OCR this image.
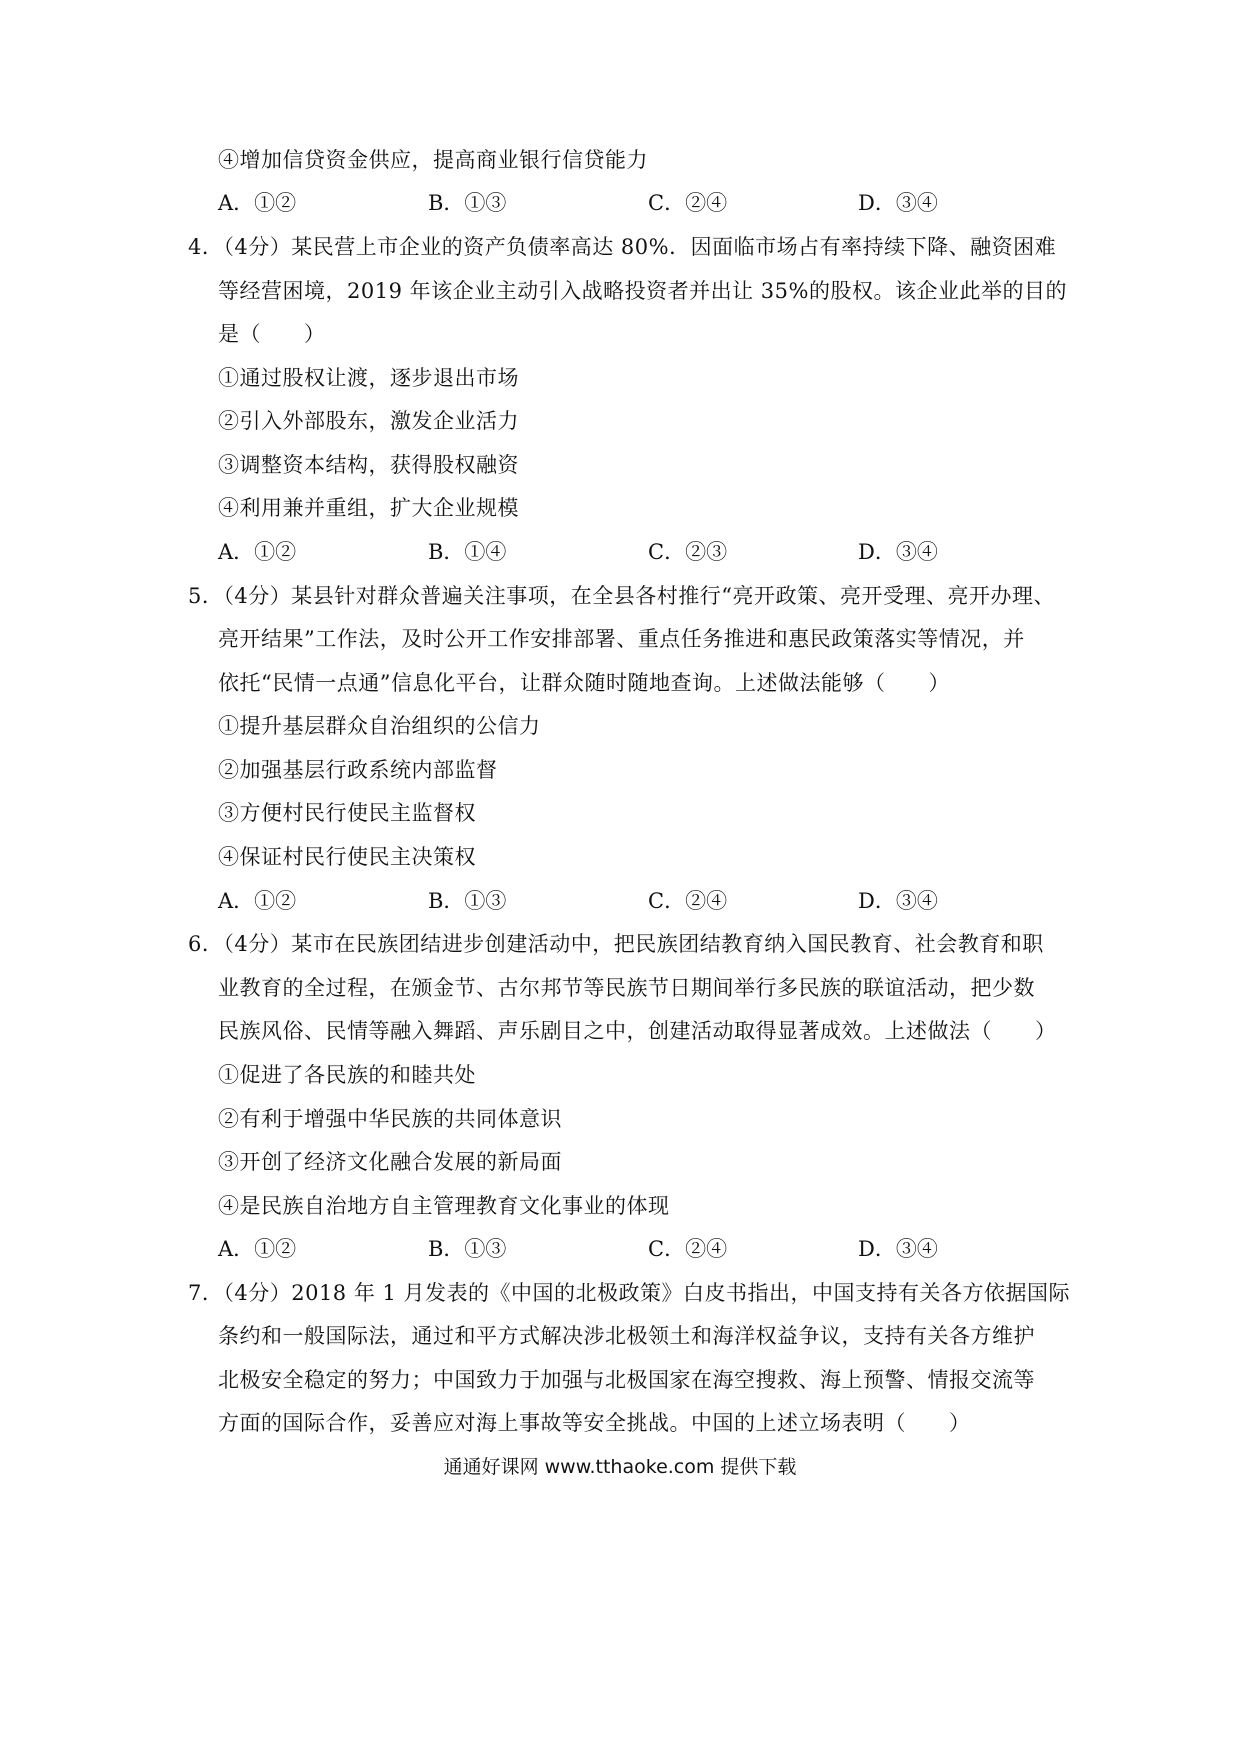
④增加信贷资金供应，提高商业银行信贷能力
A．①②	B．①③	C．②④	D．③④
4．（4分）某民营上市企业的资产负债率高达 80%．因面临市场占有率持续下降、融资困难
等经营困境，2019 年该企业主动引入战略投资者并出让 35%的股权。该企业此举的目的
是（　　）
①通过股权让渡，逐步退出市场
②引入外部股东，激发企业活力
③调整资本结构，获得股权融资
④利用兼并重组，扩大企业规模
A．①②	B．①④	C．②③	D．③④
5．（4分）某县针对群众普遍关注事项，在全县各村推行“亮开政策、亮开受理、亮开办理、
亮开结果”工作法，及时公开工作安排部署、重点任务推进和惠民政策落实等情况，并
依托“民情一点通”信息化平台，让群众随时随地查询。上述做法能够（　　）
①提升基层群众自治组织的公信力
②加强基层行政系统内部监督
③方便村民行使民主监督权
④保证村民行使民主决策权
A．①②	B．①③	C．②④	D．③④
6．（4分）某市在民族团结进步创建活动中，把民族团结教育纳入国民教育、社会教育和职
业教育的全过程，在颁金节、古尔邦节等民族节日期间举行多民族的联谊活动，把少数
民族风俗、民情等融入舞蹈、声乐剧目之中，创建活动取得显著成效。上述做法（　　）
①促进了各民族的和睦共处
②有利于增强中华民族的共同体意识
③开创了经济文化融合发展的新局面
④是民族自治地方自主管理教育文化事业的体现
A．①②	B．①③	C．②④	D．③④
7．（4分）2018 年 1 月发表的《中国的北极政策》白皮书指出，中国支持有关各方依据国际
条约和一般国际法，通过和平方式解决涉北极领土和海洋权益争议，支持有关各方维护
北极安全稳定的努力；中国致力于加强与北极国家在海空搜救、海上预警、情报交流等
方面的国际合作，妥善应对海上事故等安全挑战。中国的上述立场表明（　　）
通通好课网 www.tthaoke.com 提供下载
